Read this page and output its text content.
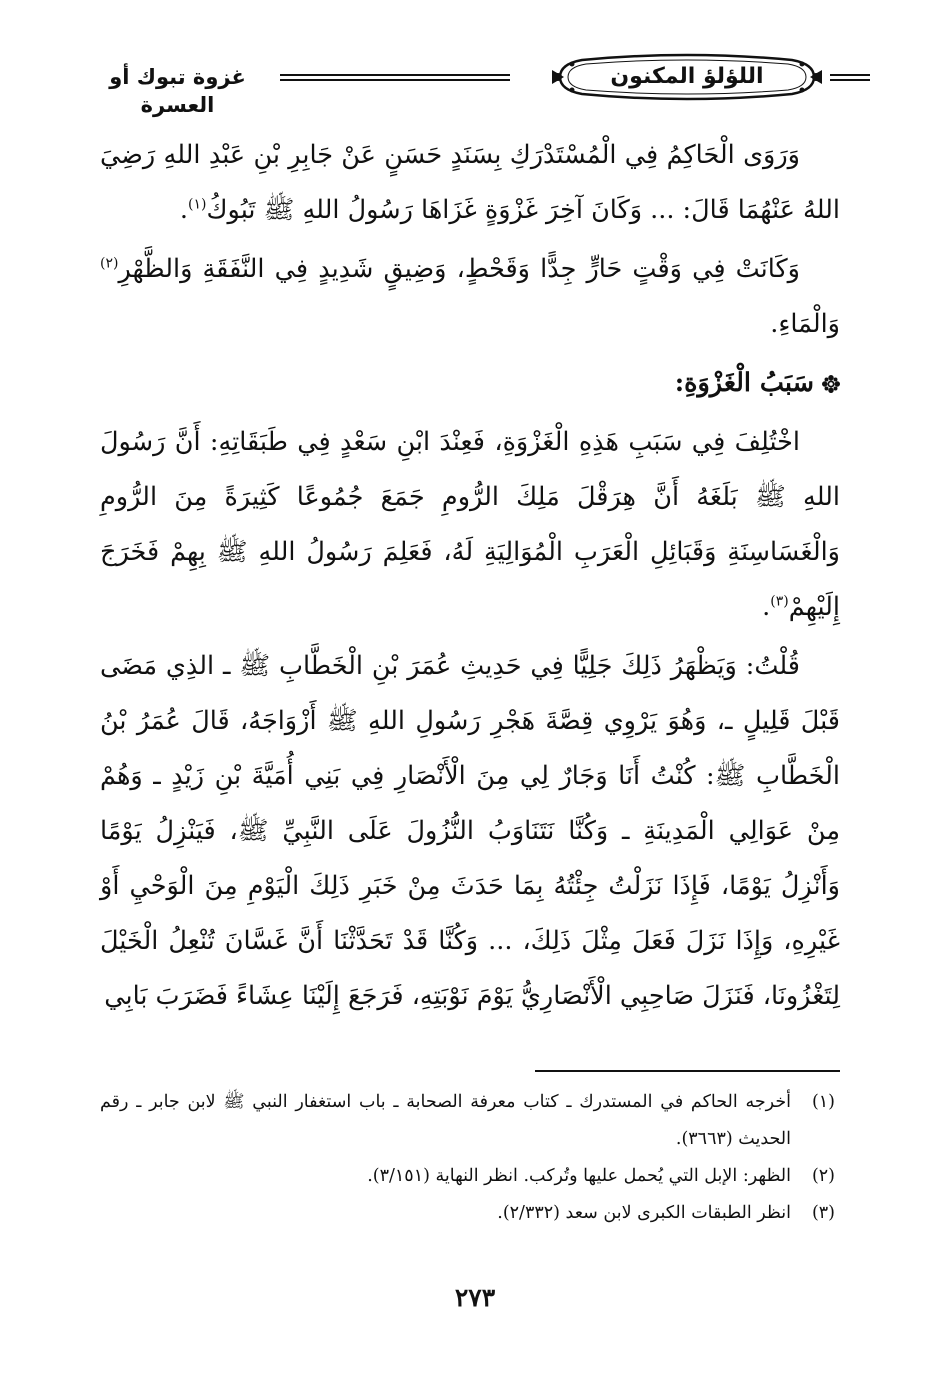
اللؤلؤ المكنون
غزوة تبوك أو العسرة

وَرَوَى الْحَاكِمُ فِي الْمُسْتَدْرَكِ بِسَنَدٍ حَسَنٍ عَنْ جَابِرِ بْنِ عَبْدِ اللهِ رَضِيَ اللهُ عَنْهُمَا قَالَ: ... وَكَانَ آخِرَ غَزْوَةٍ غَزَاهَا رَسُولُ اللهِ ﷺ تَبُوكُ$^{(١)}$.

وَكَانَتْ فِي وَقْتٍ حَارٍّ جِدًّا وَقَحْطٍ، وَضِيقٍ شَدِيدٍ فِي النَّفَقَةِ وَالظَّهْرِ$^{(٢)}$ وَالْمَاءِ.

سَبَبُ الْغَزْوَةِ:

اخْتُلِفَ فِي سَبَبِ هَذِهِ الْغَزْوَةِ، فَعِنْدَ ابْنِ سَعْدٍ فِي طَبَقَاتِهِ: أَنَّ رَسُولَ اللهِ ﷺ بَلَغَهُ أَنَّ هِرَقْلَ مَلِكَ الرُّومِ جَمَعَ جُمُوعًا كَثِيرَةً مِنَ الرُّومِ وَالْغَسَاسِنَةِ وَقَبَائِلِ الْعَرَبِ الْمُوَالِيَةِ لَهُ، فَعَلِمَ رَسُولُ اللهِ ﷺ بِهِمْ فَخَرَجَ إِلَيْهِمْ$^{(٣)}$.

قُلْتُ: وَيَظْهَرُ ذَلِكَ جَلِيًّا فِي حَدِيثِ عُمَرَ بْنِ الْخَطَّابِ ﷺ ـ الذِي مَضَى قَبْلَ قَلِيلٍ ـ، وَهُوَ يَرْوِي قِصَّةَ هَجْرِ رَسُولِ اللهِ ﷺ أَزْوَاجَهُ، قَالَ عُمَرُ بْنُ الْخَطَّابِ ﷺ: كُنْتُ أَنَا وَجَارٌ لِي مِنَ الْأَنْصَارِ فِي بَنِي أُمَيَّةَ بْنِ زَيْدٍ ـ وَهُمْ مِنْ عَوَالِي الْمَدِينَةِ ـ وَكُنَّا نَتَنَاوَبُ النُّزُولَ عَلَى النَّبِيِّ ﷺ، فَيَنْزِلُ يَوْمًا وَأَنْزِلُ يَوْمًا، فَإِذَا نَزَلْتُ جِئْتُهُ بِمَا حَدَثَ مِنْ خَبَرِ ذَلِكَ الْيَوْمِ مِنَ الْوَحْيِ أَوْ غَيْرِهِ، وَإِذَا نَزَلَ فَعَلَ مِثْلَ ذَلِكَ، ... وَكُنَّا قَدْ تَحَدَّثْنَا أَنَّ غَسَّانَ تُنْعِلُ الْخَيْلَ لِتَغْزُونَا، فَنَزَلَ صَاحِبِي الْأَنْصَارِيُّ يَوْمَ نَوْبَتِهِ، فَرَجَعَ إِلَيْنَا عِشَاءً فَضَرَبَ بَابِي

(١)
أخرجه الحاكم في المستدرك ـ كتاب معرفة الصحابة ـ باب استغفار النبي ﷺ لابن جابر ـ رقم الحديث (٣٦٦٣).
(٢)
الظهر: الإبل التي يُحمل عليها وتُركب. انظر النهاية (٣/١٥١).
(٣)
انظر الطبقات الكبرى لابن سعد (٢/٣٣٢).
٢٧٣
